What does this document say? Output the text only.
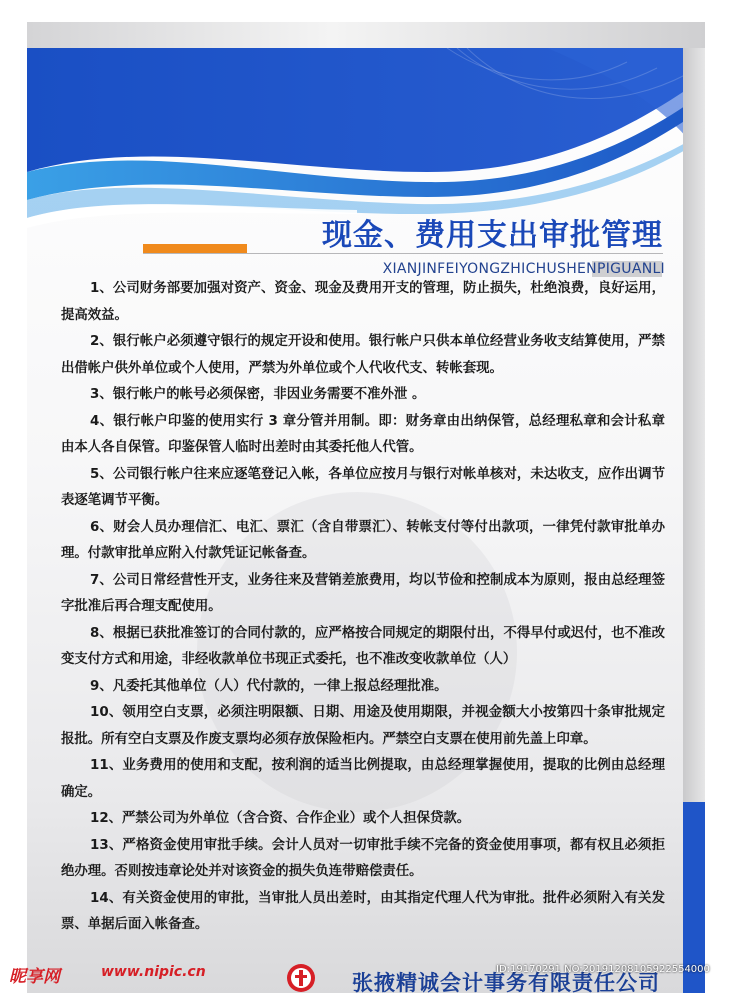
现金、费用支出审批管理
XIANJINFEIYONGZHICHUSHENPIGUANLI

1、公司财务部要加强对资产、资金、现金及费用开支的管理，防止损失，杜绝浪费，良好运用，提高效益。

2、银行帐户必须遵守银行的规定开设和使用。银行帐户只供本单位经营业务收支结算使用，严禁出借帐户供外单位或个人使用，严禁为外单位或个人代收代支、转帐套现。

3、银行帐户的帐号必须保密，非因业务需要不准外泄 。

4、银行帐户印鉴的使用实行 3 章分管并用制。即：财务章由出纳保管，总经理私章和会计私章由本人各自保管。印鉴保管人临时出差时由其委托他人代管。

5、公司银行帐户往来应逐笔登记入帐，各单位应按月与银行对帐单核对，未达收支，应作出调节表逐笔调节平衡。

6、财会人员办理信汇、电汇、票汇（含自带票汇）、转帐支付等付出款项，一律凭付款审批单办理。付款审批单应附入付款凭证记帐备查。

7、公司日常经营性开支，业务往来及营销差旅费用，均以节俭和控制成本为原则，报由总经理签字批准后再合理支配使用。

8、根据已获批准签订的合同付款的，应严格按合同规定的期限付出，不得早付或迟付，也不准改变支付方式和用途，非经收款单位书现正式委托，也不准改变收款单位（人）

9、凡委托其他单位（人）代付款的，一律上报总经理批准。

10、领用空白支票，必须注明限额、日期、用途及使用期限，并视金额大小按第四十条审批规定报批。所有空白支票及作废支票均必须存放保险柜内。严禁空白支票在使用前先盖上印章。

11、业务费用的使用和支配，按利润的适当比例提取，由总经理掌握使用，提取的比例由总经理确定。

12、严禁公司为外单位（含合资、合作企业）或个人担保贷款。

13、严格资金使用审批手续。会计人员对一切审批手续不完备的资金使用事项，都有权且必须拒绝办理。否则按违章论处并对该资金的损失负连带赔偿责任。

14、有关资金使用的审批，当审批人员出差时，由其指定代理人代为审批。批件必须附入有关发票、单据后面入帐备查。

昵享网	www.nipic.cn	张掖精诚会计事务有限责任公司
ID:19170291 NO:20191208105922554000
